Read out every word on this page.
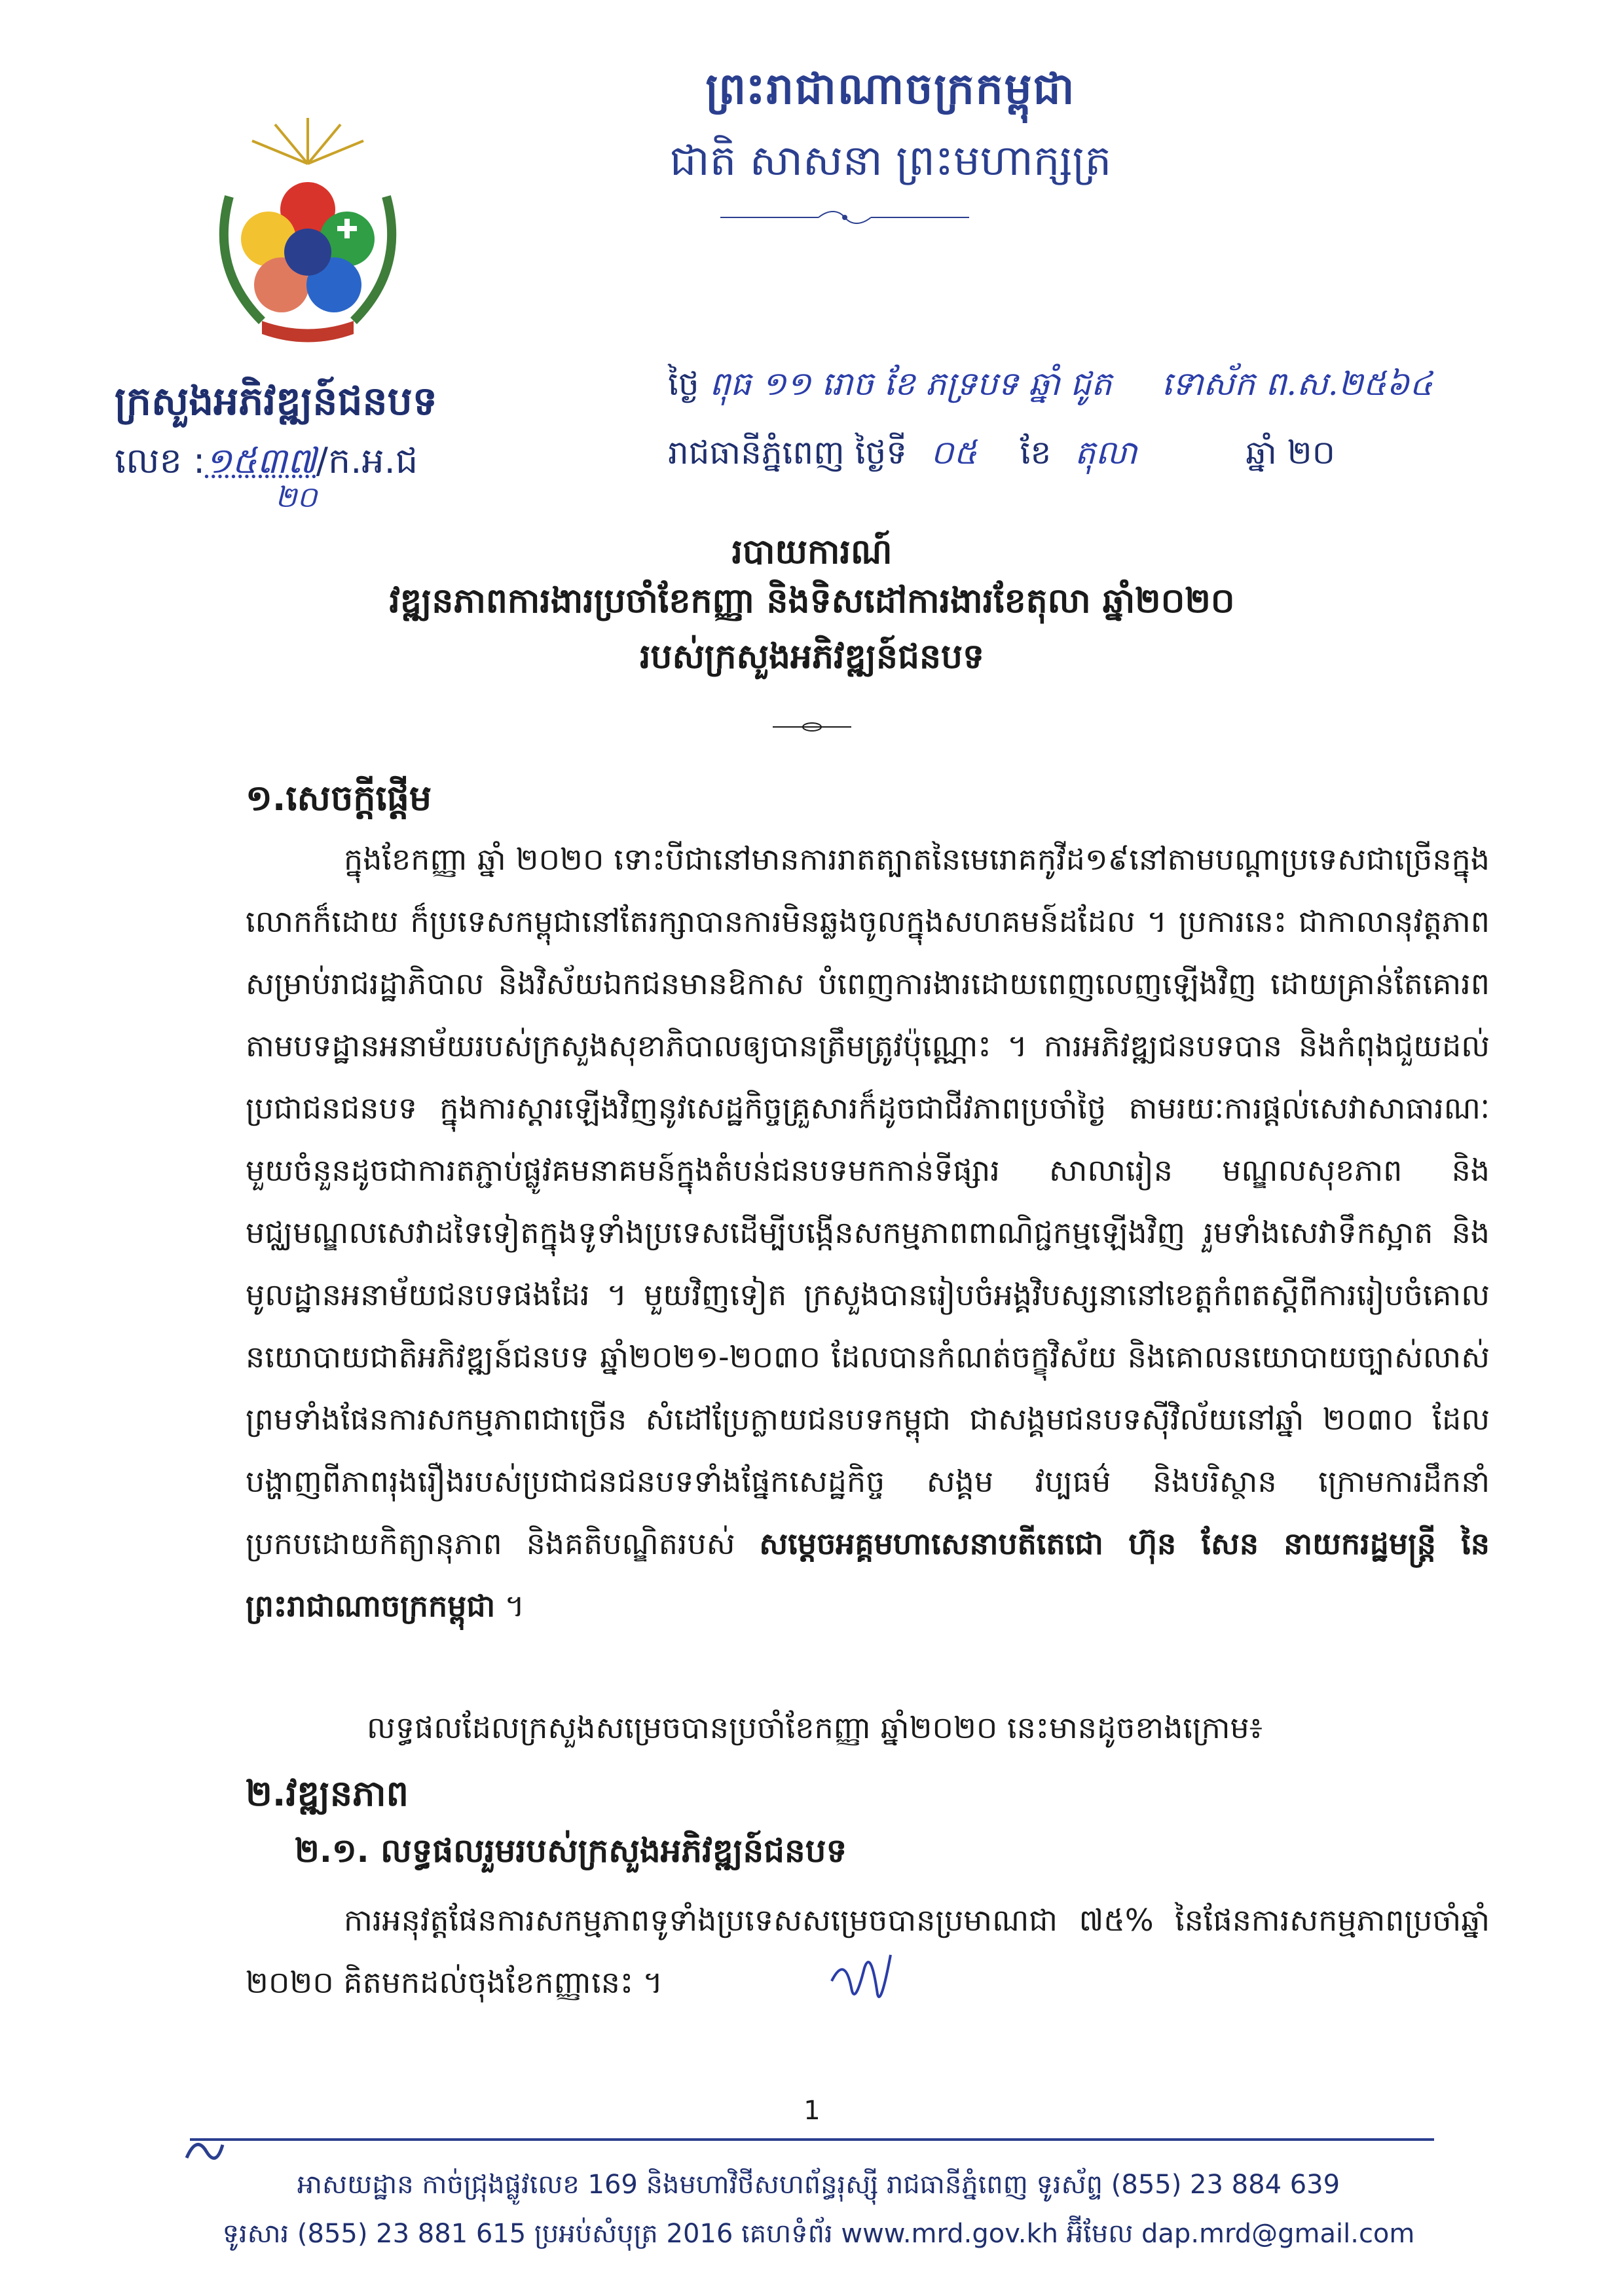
ព្រះរាជាណាចក្រកម្ពុជា
ជាតិ សាសនា ព្រះមហាក្សត្រ
ក្រសួងអភិវឌ្ឍន៍ជនបទ
លេខ :១៥៣៧/ក.អ.ជ
២០
ថ្ងៃ ពុធ ១១ រោច ខែ ភទ្របទ ឆ្នាំ ជូត ទោស័ក ព.ស.២៥៦៤
រាជធានីភ្នំពេញ ថ្ងៃទី ០៥ ខែ តុលា	ឆ្នាំ ២០
របាយការណ៍
វឌ្ឍនភាពការងារប្រចាំខែកញ្ញា និងទិសដៅការងារខែតុលា ឆ្នាំ២០២០
របស់ក្រសួងអភិវឌ្ឍន៍ជនបទ
១.សេចក្តីផ្តើម
ក្នុងខែកញ្ញា ឆ្នាំ ២០២០ ទោះបីជានៅមានការរាតត្បាតនៃមេរោគកូវីដ១៩នៅតាមបណ្តាប្រទេសជាច្រើនក្នុងលោកក៏ដោយ ក៏ប្រទេសកម្ពុជានៅតែរក្សាបានការមិនឆ្លងចូលក្នុងសហគមន៍ដដែល ។ ប្រការនេះ ជាកាលានុវត្តភាពសម្រាប់រាជរដ្ឋាភិបាល និងវិស័យឯកជនមានឱកាស បំពេញការងារដោយពេញលេញឡើងវិញ ដោយគ្រាន់តែគោរពតាមបទដ្ឋានអនាម័យរបស់ក្រសួងសុខាភិបាលឲ្យបានត្រឹមត្រូវប៉ុណ្ណោះ ។ ការអភិវឌ្ឍជនបទបាន និងកំពុងជួយដល់ប្រជាជនជនបទ ក្នុងការស្តារឡើងវិញនូវសេដ្ឋកិច្ចគ្រួសារក៏ដូចជាជីវភាពប្រចាំថ្ងៃ តាមរយៈការផ្តល់សេវាសាធារណៈ មួយចំនួនដូចជាការតភ្ជាប់ផ្លូវគមនាគមន៍ក្នុងតំបន់ជនបទមកកាន់ទីផ្សារ សាលារៀន មណ្ឌលសុខភាព និងមជ្ឈមណ្ឌលសេវាដទៃទៀតក្នុងទូទាំងប្រទេសដើម្បីបង្កើនសកម្មភាពពាណិជ្ជកម្មឡើងវិញ រួមទាំងសេវាទឹកស្អាត និងមូលដ្ឋានអនាម័យជនបទផងដែរ ។ មួយវិញទៀត ក្រសួងបានរៀបចំអង្គវិបស្សនានៅខេត្តកំពតស្តីពីការរៀបចំគោលនយោបាយជាតិអភិវឌ្ឍន៍ជនបទ ឆ្នាំ២០២១-២០៣០ ដែលបានកំណត់ចក្ខុវិស័យ និងគោលនយោបាយច្បាស់លាស់ព្រមទាំងផែនការសកម្មភាពជាច្រើន សំដៅប្រែក្លាយជនបទកម្ពុជា ជាសង្គមជនបទស៊ីវិល័យនៅឆ្នាំ ២០៣០ ដែលបង្ហាញពីភាពរុងរឿងរបស់ប្រជាជនជនបទទាំងផ្នែកសេដ្ឋកិច្ច សង្គម វប្បធម៌ និងបរិស្ថាន ក្រោមការដឹកនាំប្រកបដោយកិត្យានុភាព និងគតិបណ្ឌិតរបស់ សម្តេចអគ្គមហាសេនាបតីតេជោ ហ៊ុន សែន នាយករដ្ឋមន្ត្រី នៃព្រះរាជាណាចក្រកម្ពុជា ។
លទ្ធផលដែលក្រសួងសម្រេចបានប្រចាំខែកញ្ញា ឆ្នាំ២០២០ នេះមានដូចខាងក្រោម៖
២.វឌ្ឍនភាព
២.១. លទ្ធផលរួមរបស់ក្រសួងអភិវឌ្ឍន៍ជនបទ
ការអនុវត្តផែនការសកម្មភាពទូទាំងប្រទេសសម្រេចបានប្រមាណជា ៧៥% នៃផែនការសកម្មភាពប្រចាំឆ្នាំ ២០២០ គិតមកដល់ចុងខែកញ្ញានេះ ។
1
អាសយដ្ឋាន កាច់ជ្រុងផ្លូវលេខ 169 និងមហាវិថីសហព័ន្ធរុស្ស៊ី រាជធានីភ្នំពេញ ទូរស័ព្ទ (855) 23 884 639
ទូរសារ (855) 23 881 615 ប្រអប់សំបុត្រ 2016 គេហទំព័រ www.mrd.gov.kh អ៊ីមែល dap.mrd@gmail.com
